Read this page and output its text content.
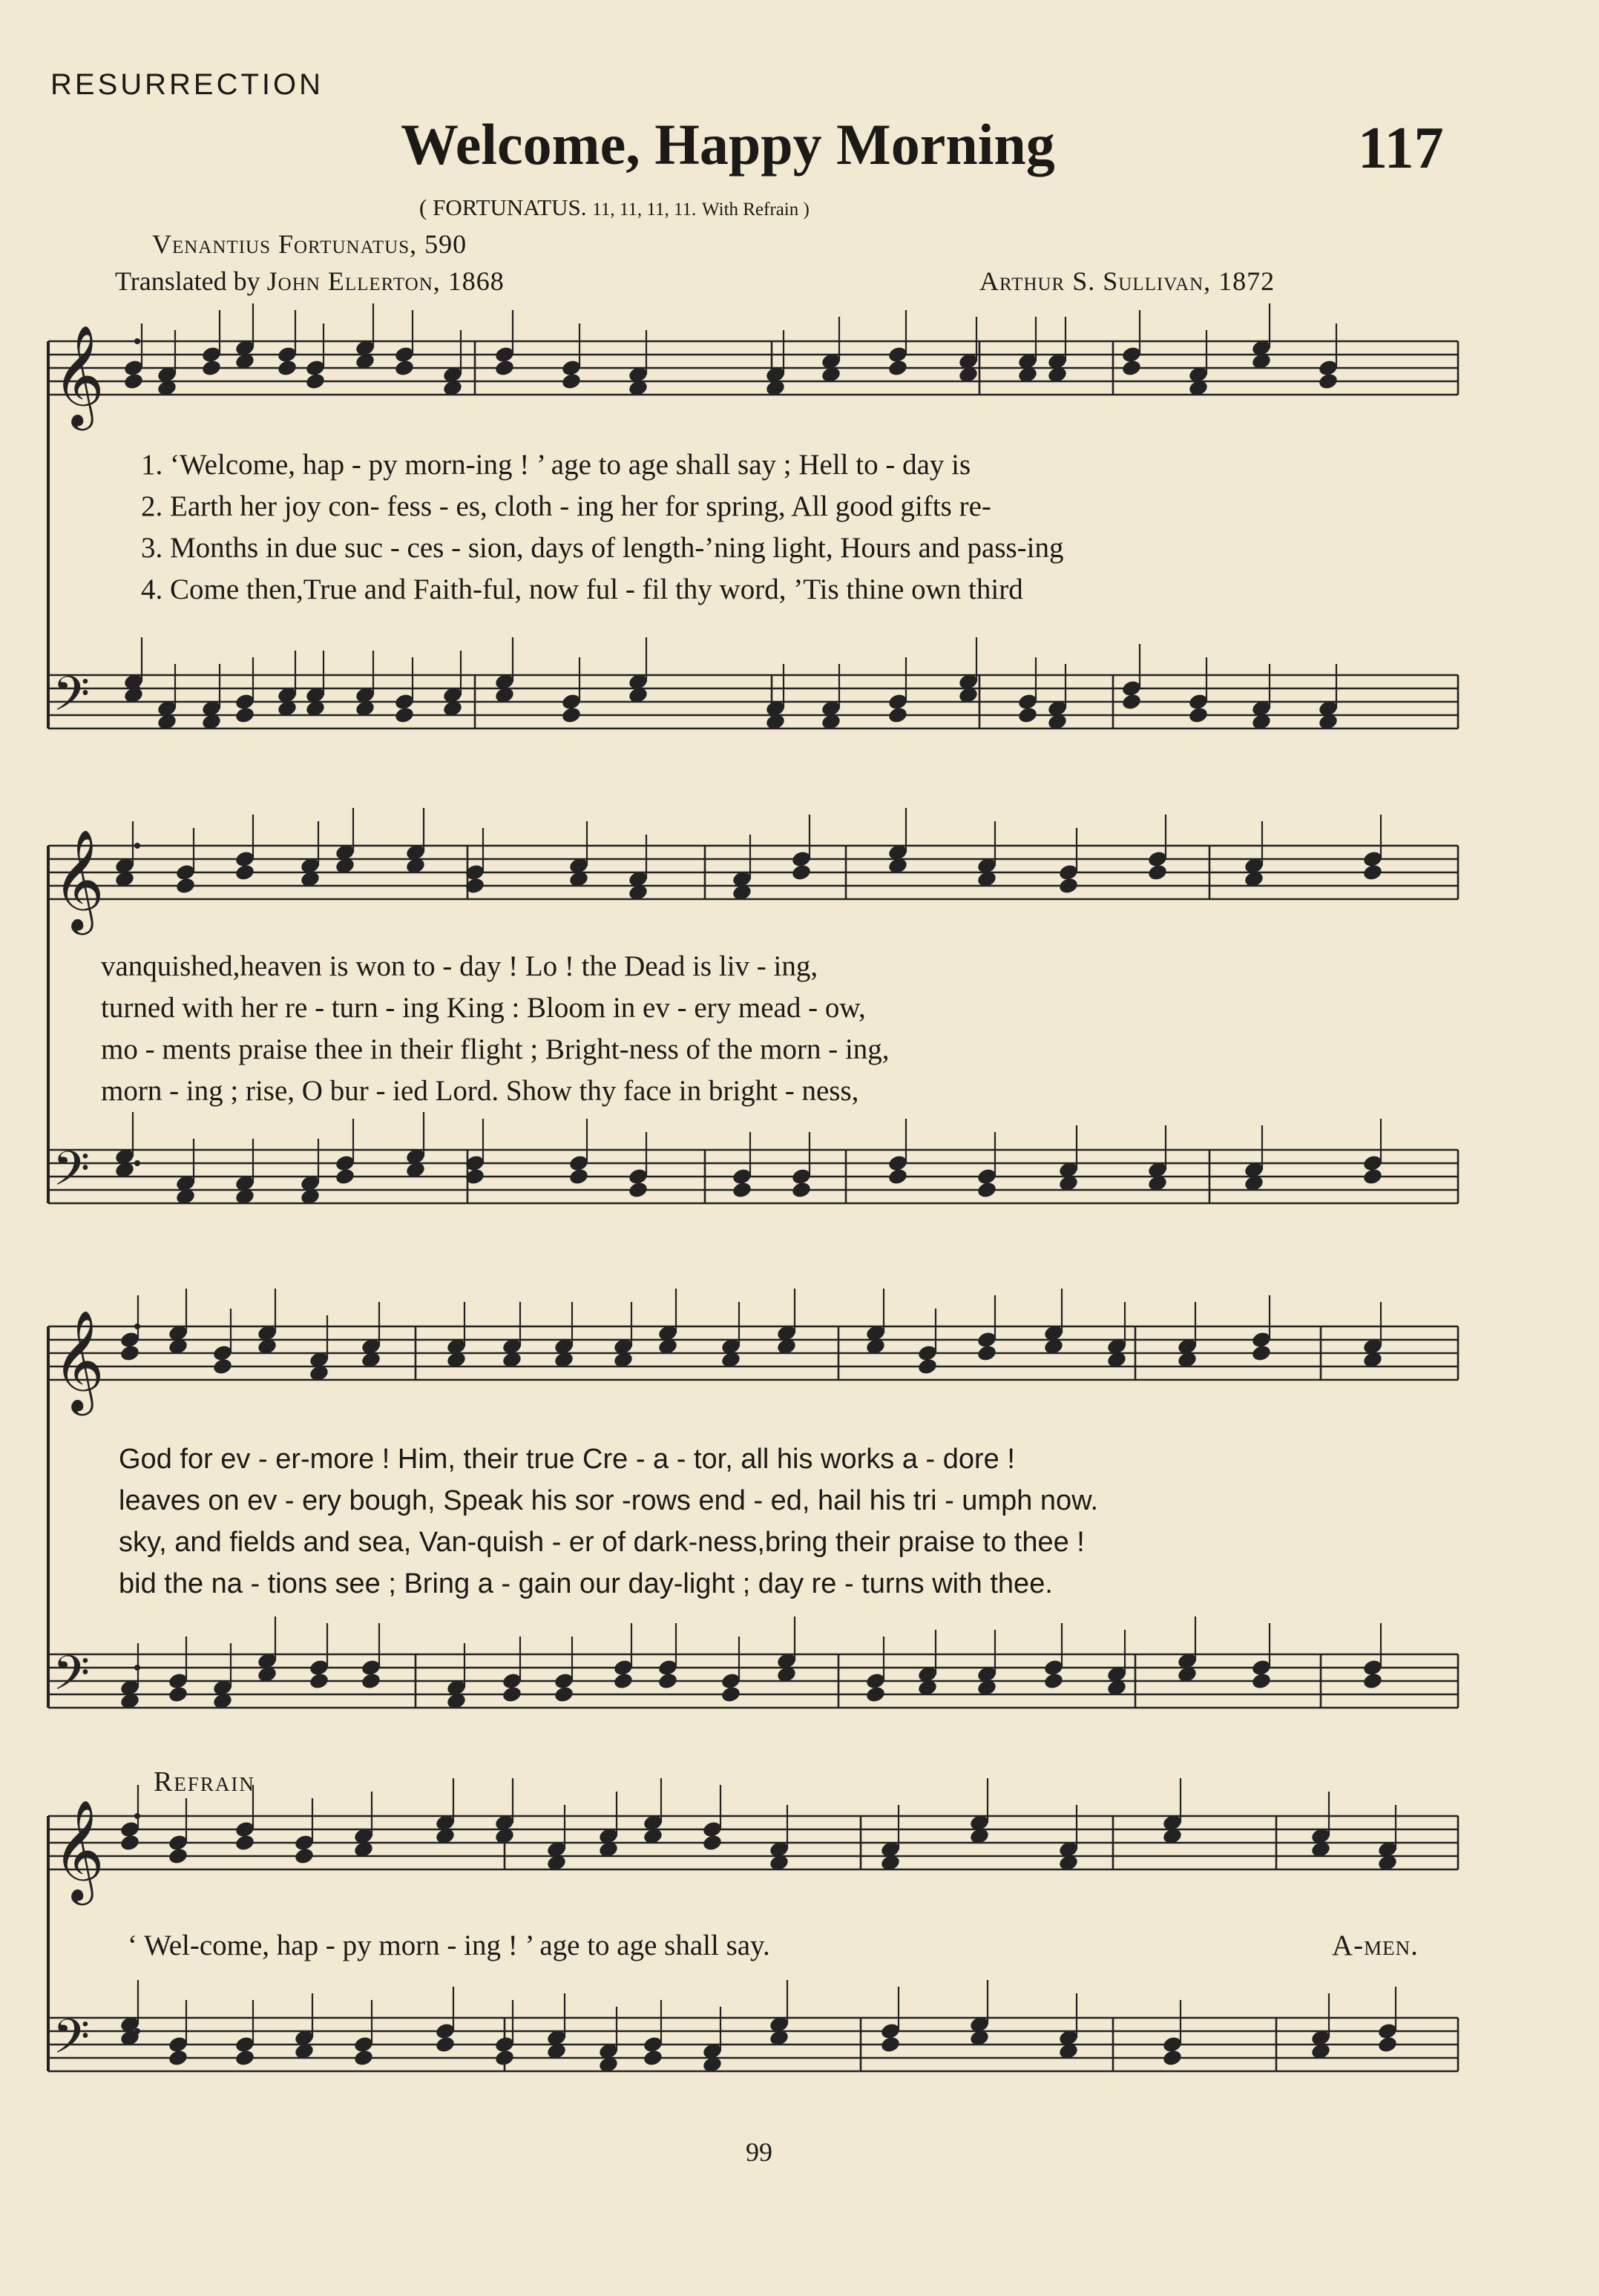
RESURRECTION
Welcome, Happy Morning	117
( FORTUNATUS. 11, 11, 11, 11. With Refrain )
Venantius Fortunatus, 590
Translated by John Ellerton, 1868	Arthur S. Sullivan, 1872
𝄞
𝄢
1. ‘Welcome, hap - py morn-ing ! ’ age to age shall say ; Hell to - day is
2. Earth her joy con- fess - es, cloth - ing her for spring, All good gifts re-
3. Months in due suc - ces - sion, days of length-’ning light, Hours and pass-ing
4. Come then,True and Faith-ful, now ful - fil thy word, ’Tis thine own third
vanquished,heaven is won to - day ! Lo ! the Dead is liv - ing,
turned with her re - turn - ing King : Bloom in ev - ery mead - ow,
mo - ments praise thee in their flight ; Bright-ness of the morn - ing,
morn - ing ; rise, O bur - ied Lord. Show thy face in bright - ness,
God for ev - er-more ! Him, their true Cre - a - tor, all his works a - dore !
leaves on ev - ery bough, Speak his sor -rows end - ed, hail his tri - umph now.
sky, and fields and sea, Van-quish - er of dark-ness,bring their praise to thee !
bid the na - tions see ; Bring a - gain our day-light ; day re - turns with thee.
Refrain
‘ Wel-come, hap - py morn - ing ! ’ age to age shall say.	A-men.
99
𝄞
𝄢
𝄞
𝄢
𝄞
𝄢
